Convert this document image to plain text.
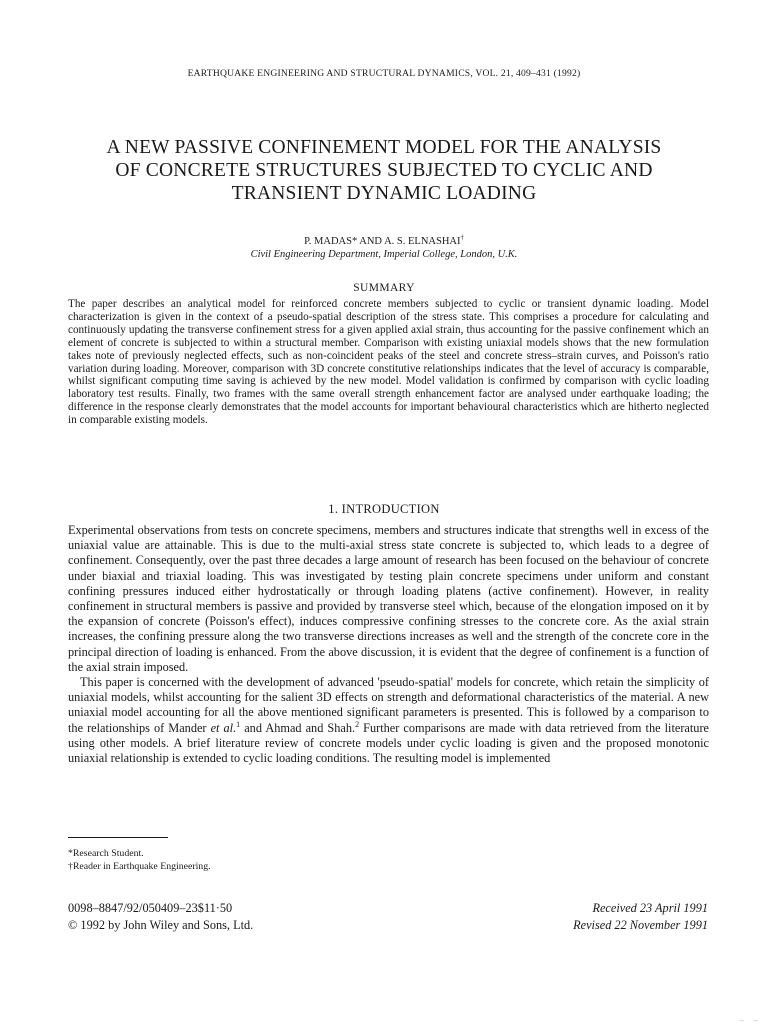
EARTHQUAKE ENGINEERING AND STRUCTURAL DYNAMICS, VOL. 21, 409–431 (1992)
A NEW PASSIVE CONFINEMENT MODEL FOR THE ANALYSIS
OF CONCRETE STRUCTURES SUBJECTED TO CYCLIC AND
TRANSIENT DYNAMIC LOADING
P. MADAS* AND A. S. ELNASHAI†
Civil Engineering Department, Imperial College, London, U.K.
SUMMARY
The paper describes an analytical model for reinforced concrete members subjected to cyclic or transient dynamic loading. Model characterization is given in the context of a pseudo-spatial description of the stress state. This comprises a procedure for calculating and continuously updating the transverse confinement stress for a given applied axial strain, thus accounting for the passive confinement which an element of concrete is subjected to within a structural member. Comparison with existing uniaxial models shows that the new formulation takes note of previously neglected effects, such as non-coincident peaks of the steel and concrete stress–strain curves, and Poisson's ratio variation during loading. Moreover, comparison with 3D concrete constitutive relationships indicates that the level of accuracy is comparable, whilst significant computing time saving is achieved by the new model. Model validation is confirmed by comparison with cyclic loading laboratory test results. Finally, two frames with the same overall strength enhancement factor are analysed under earthquake loading; the difference in the response clearly demonstrates that the model accounts for important behavioural characteristics which are hitherto neglected in comparable existing models.
1. INTRODUCTION

Experimental observations from tests on concrete specimens, members and structures indicate that strengths well in excess of the uniaxial value are attainable. This is due to the multi-axial stress state concrete is subjected to, which leads to a degree of confinement. Consequently, over the past three decades a large amount of research has been focused on the behaviour of concrete under biaxial and triaxial loading. This was investigated by testing plain concrete specimens under uniform and constant confining pressures induced either hydrostatically or through loading platens (active confinement). However, in reality confinement in structural members is passive and provided by transverse steel which, because of the elongation imposed on it by the expansion of concrete (Poisson's effect), induces compressive confining stresses to the concrete core. As the axial strain increases, the confining pressure along the two transverse directions increases as well and the strength of the concrete core in the principal direction of loading is enhanced. From the above discussion, it is evident that the degree of confinement is a function of the axial strain imposed.

This paper is concerned with the development of advanced 'pseudo-spatial' models for concrete, which retain the simplicity of uniaxial models, whilst accounting for the salient 3D effects on strength and deformational characteristics of the material. A new uniaxial model accounting for all the above mentioned significant parameters is presented. This is followed by a comparison to the relationships of Mander et al.$^1$ and Ahmad and Shah.$^2$ Further comparisons are made with data retrieved from the literature using other models. A brief literature review of concrete models under cyclic loading is given and the proposed monotonic uniaxial relationship is extended to cyclic loading conditions. The resulting model is implemented

*Research Student.
†Reader in Earthquake Engineering.
0098–8847/92/050409–23$11·50
© 1992 by John Wiley and Sons, Ltd.
Received 23 April 1991
Revised 22 November 1991
— —
